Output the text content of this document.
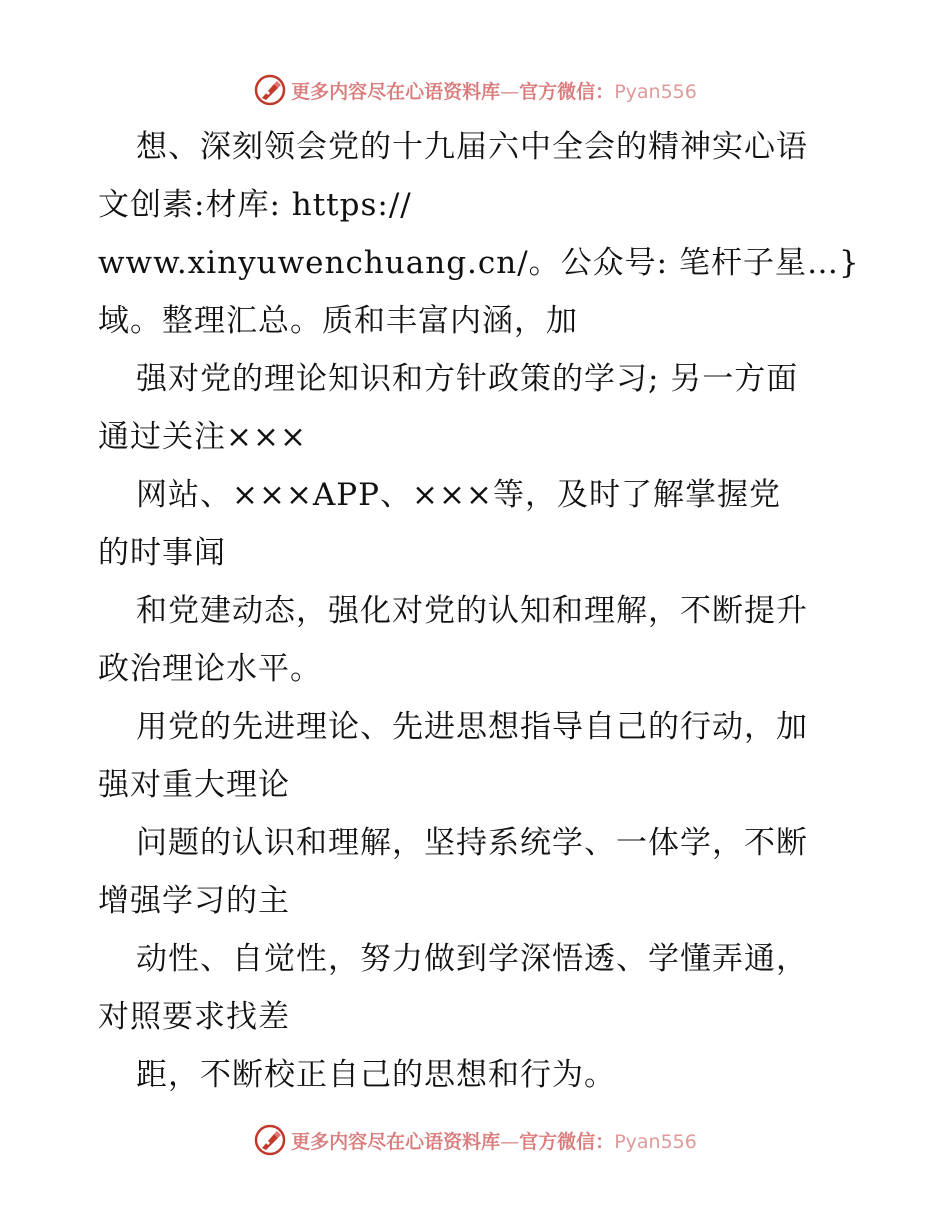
更多内容尽在心语资料库—官方微信：Pyan556
想、深刻领会党的十九届六中全会的精神实心语
文创素:材库: https://
www.xinyuwenchuang.cn/。公众号: 笔杆子星…}
域。整理汇总。质和丰富内涵，加
强对党的理论知识和方针政策的学习; 另一方面
通过关注×××
网站、×××APP、×××等，及时了解掌握党
的时事闻
和党建动态，强化对党的认知和理解，不断提升
政治理论水平。
用党的先进理论、先进思想指导自己的行动，加
强对重大理论
问题的认识和理解，坚持系统学、一体学，不断
增强学习的主
动性、自觉性，努力做到学深悟透、学懂弄通，
对照要求找差
距，不断校正自己的思想和行为。
更多内容尽在心语资料库—官方微信：Pyan556
